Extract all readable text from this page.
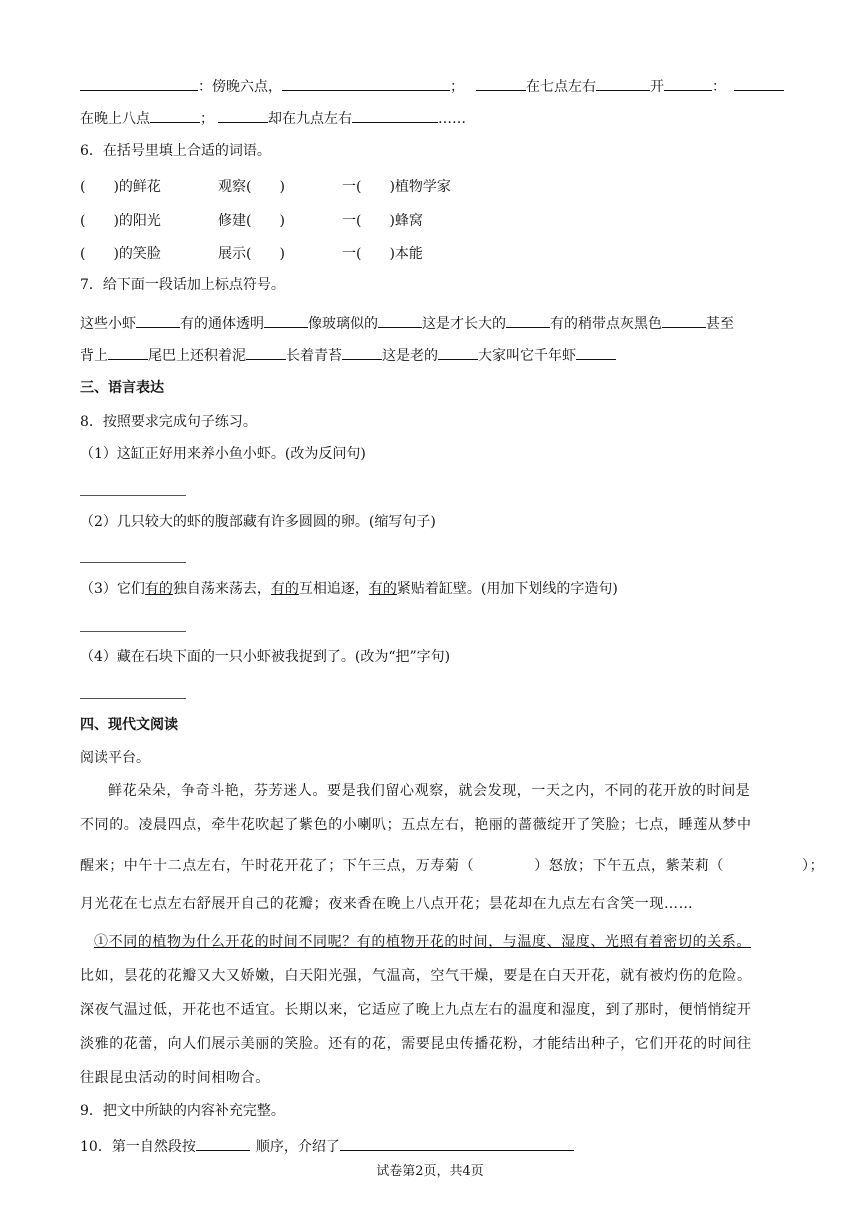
：傍晚六点，	；	在七点左右	开	：
在晚上八点	；	却在九点左右	……
6．在括号里填上合适的词语。
(　　)的鲜花	观察(　　)	一(　　)植物学家
(　　)的阳光	修建(　　)	一(　　)蜂窝
(　　)的笑脸	展示(　　)	一(　　)本能
7．给下面一段话加上标点符号。
这些小虾	有的通体透明	像玻璃似的	这是才长大的	有的稍带点灰黑色	甚至
背上	尾巴上还积着泥	长着青苔	这是老的	大家叫它千年虾
三、语言表达
8．按照要求完成句子练习。
（1）这缸正好用来养小鱼小虾。(改为反问句)
（2）几只较大的虾的腹部藏有许多圆圆的卵。(缩写句子)
（3）它们有的独自荡来荡去，有的互相追逐，有的紧贴着缸壁。(用加下划线的字造句)
（4）藏在石块下面的一只小虾被我捉到了。(改为“把”字句)
四、现代文阅读
阅读平台。
鲜花朵朵，争奇斗艳，芬芳迷人。要是我们留心观察，就会发现，一天之内，不同的花开放的时间是
不同的。凌晨四点，牵牛花吹起了紫色的小喇叭；五点左右，艳丽的蔷薇绽开了笑脸；七点，睡莲从梦中
醒来；中午十二点左右，午时花开花了；下午三点，万寿菊（	）怒放；下午五点，紫茉莉（	）；
月光花在七点左右舒展开自己的花瓣；夜来香在晚上八点开花；昙花却在九点左右含笑一现……
①不同的植物为什么开花的时间不同呢？有的植物开花的时间，与温度、湿度、光照有着密切的关系。
比如，昙花的花瓣又大又娇嫩，白天阳光强，气温高，空气干燥，要是在白天开花，就有被灼伤的危险。
深夜气温过低，开花也不适宜。长期以来，它适应了晚上九点左右的温度和湿度，到了那时，便悄悄绽开
淡雅的花蕾，向人们展示美丽的笑脸。还有的花，需要昆虫传播花粉，才能结出种子，它们开花的时间往
往跟昆虫活动的时间相吻合。
9．把文中所缺的内容补充完整。
10．第一自然段按	顺序，介绍了
试卷第2页，共4页
